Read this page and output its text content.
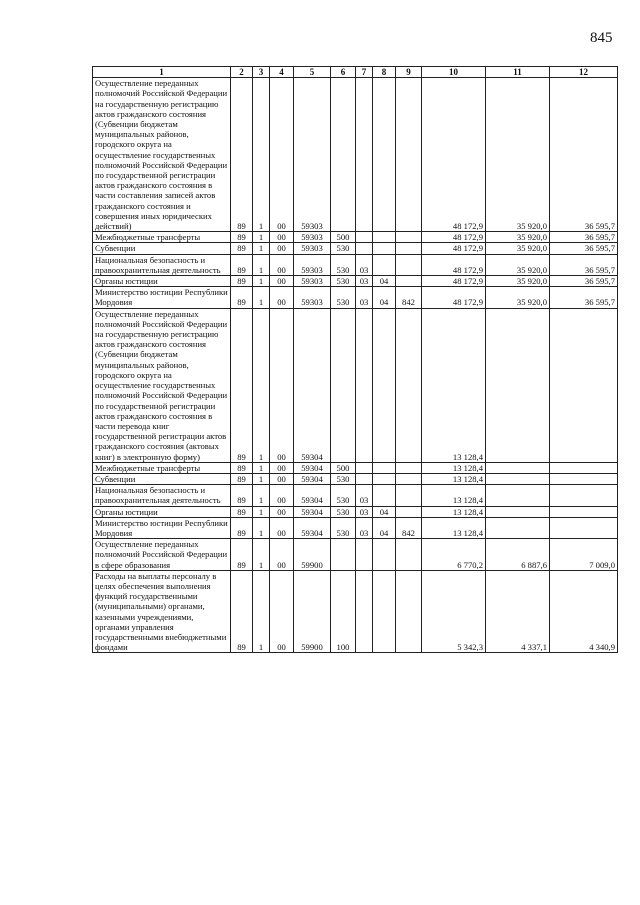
845
1	2	3	4	5	6	7	8	9	10	11	12
Осуществление переданных полномочий Российской Федерации на государственную регистрацию актов гражданского состояния (Субвенции бюджетам муниципальных районов, городского округа на осуществление государственных полномочий Российской Федерации по государственной регистрации актов гражданского состояния в части составления записей актов гражданского состояния и совершения иных юридических действий)	89	1	00	59303					48 172,9	35 920,0	36 595,7
Межбюджетные трансферты	89	1	00	59303	500				48 172,9	35 920,0	36 595,7
Субвенции	89	1	00	59303	530				48 172,9	35 920,0	36 595,7
Национальная безопасность и правоохранительная деятельность	89	1	00	59303	530	03			48 172,9	35 920,0	36 595,7
Органы юстиции	89	1	00	59303	530	03	04		48 172,9	35 920,0	36 595,7
Министерство юстиции Республики Мордовия	89	1	00	59303	530	03	04	842	48 172,9	35 920,0	36 595,7
Осуществление переданных полномочий Российской Федерации на государственную регистрацию актов гражданского состояния (Субвенции бюджетам муниципальных районов, городского округа на осуществление государственных полномочий Российской Федерации по государственной регистрации актов гражданского состояния в части перевода книг государственной регистрации актов гражданского состояния (актовых книг) в электронную форму)	89	1	00	59304					13 128,4		
Межбюджетные трансферты	89	1	00	59304	500				13 128,4		
Субвенции	89	1	00	59304	530				13 128,4		
Национальная безопасность и правоохранительная деятельность	89	1	00	59304	530	03			13 128,4		
Органы юстиции	89	1	00	59304	530	03	04		13 128,4		
Министерство юстиции Республики Мордовия	89	1	00	59304	530	03	04	842	13 128,4		
Осуществление переданных полномочий Российской Федерации в сфере образования	89	1	00	59900					6 770,2	6 887,6	7 009,0
Расходы на выплаты персоналу в целях обеспечения выполнения функций государственными (муниципальными) органами, казенными учреждениями, органами управления государственными внебюджетными фондами	89	1	00	59900	100				5 342,3	4 337,1	4 340,9
